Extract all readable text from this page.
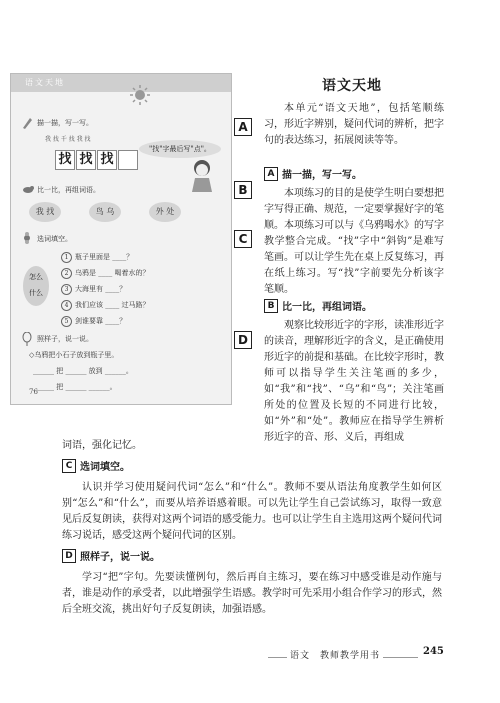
语文天地
描一描，写一写。
我 找 千 找 我 找
找 找 找
"找"字最后写"点"。
比一比，再组词语。
我 找	鸟 乌	外 处
选词填空。
怎么
什么
1 瓶子里面是 ____？
2 乌鸦是 ____ 喝着水的？
3 大海里有 ____？
4 我们应该 ____ 过马路？
5 剑谁要靠 ____？
照样子，说一说。
◇乌鸦把小石子放到瓶子里。
______ 把 ______ 放到 ______。
______ 把 ______ ______。
76
A
B
C
D
语文天地

本单元“语文天地”，包括笔顺练习，形近字辨别，疑问代词的辨析，把字句的表达练习，拓展阅读等等。

A 描一描，写一写。

本项练习的目的是使学生明白要想把字写得正确、规范，一定要掌握好字的笔顺。本项练习可以与《乌鸦喝水》的写字教学整合完成。“找”字中“斜钩”是难写笔画。可以让学生先在桌上反复练习，再在纸上练习。写“找”字前要先分析该字笔顺。

B 比一比，再组词语。

观察比较形近字的字形，读准形近字的读音，理解形近字的含义，是正确使用形近字的前提和基础。在比较字形时，教师可以指导学生关注笔画的多少，如“我”和“找”、“乌”和“鸟”；关注笔画所处的位置及长短的不同进行比较，如“外”和“处”。教师应在指导学生辨析形近字的音、形、义后，再组成

词语，强化记忆。

C 选词填空。

认识并学习使用疑问代词“怎么”和“什么”。教师不要从语法角度教学生如何区别“怎么”和“什么”，而要从培养语感着眼。可以先让学生自己尝试练习，取得一致意见后反复朗读，获得对这两个词语的感受能力。也可以让学生自主选用这两个疑问代词练习说话，感受这两个疑问代词的区别。

D 照样子，说一说。

学习“把”字句。先要读懂例句，然后再自主练习，要在练习中感受谁是动作施与者，谁是动作的承受者，以此增强学生语感。教学时可先采用小组合作学习的形式，然后全班交流，挑出好句子反复朗读，加强语感。

语文　教师教学用书	245
